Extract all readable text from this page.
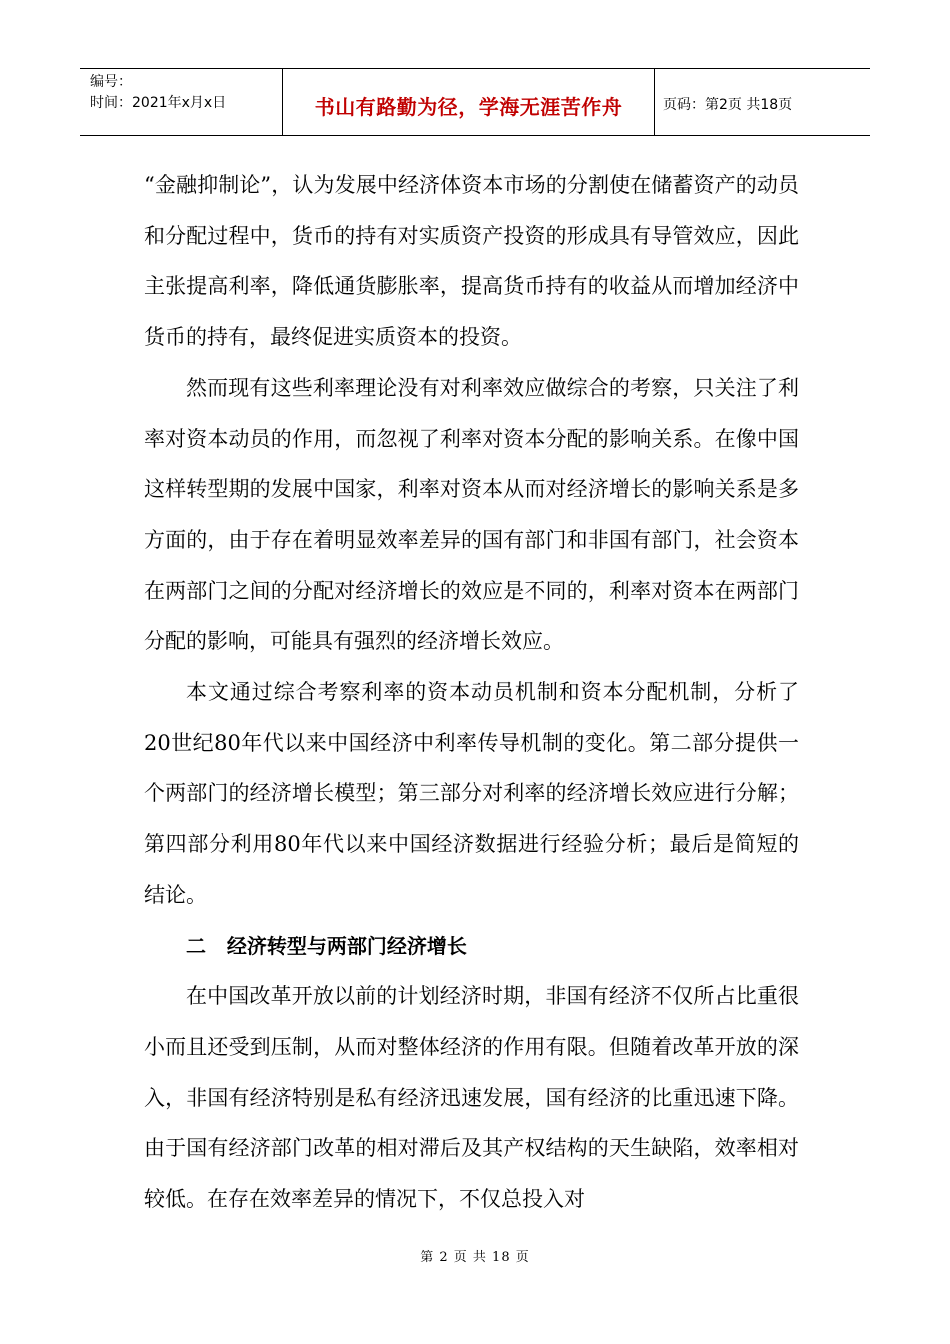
编号：
时间：2021年x月x日	书山有路勤为径，学海无涯苦作舟	页码：第2页 共18页

“金融抑制论”，认为发展中经济体资本市场的分割使在储蓄资产的动员和分配过程中，货币的持有对实质资产投资的形成具有导管效应，因此主张提高利率，降低通货膨胀率，提高货币持有的收益从而增加经济中货币的持有，最终促进实质资本的投资。

然而现有这些利率理论没有对利率效应做综合的考察，只关注了利率对资本动员的作用，而忽视了利率对资本分配的影响关系。在像中国这样转型期的发展中国家，利率对资本从而对经济增长的影响关系是多方面的，由于存在着明显效率差异的国有部门和非国有部门，社会资本在两部门之间的分配对经济增长的效应是不同的，利率对资本在两部门分配的影响，可能具有强烈的经济增长效应。

本文通过综合考察利率的资本动员机制和资本分配机制，分析了20世纪80年代以来中国经济中利率传导机制的变化。第二部分提供一个两部门的经济增长模型；第三部分对利率的经济增长效应进行分解；第四部分利用80年代以来中国经济数据进行经验分析；最后是简短的结论。

二   经济转型与两部门经济增长

在中国改革开放以前的计划经济时期，非国有经济不仅所占比重很小而且还受到压制，从而对整体经济的作用有限。但随着改革开放的深入，非国有经济特别是私有经济迅速发展，国有经济的比重迅速下降。由于国有经济部门改革的相对滞后及其产权结构的天生缺陷，效率相对较低。在存在效率差异的情况下，不仅总投入对

第 2 页 共 18 页
